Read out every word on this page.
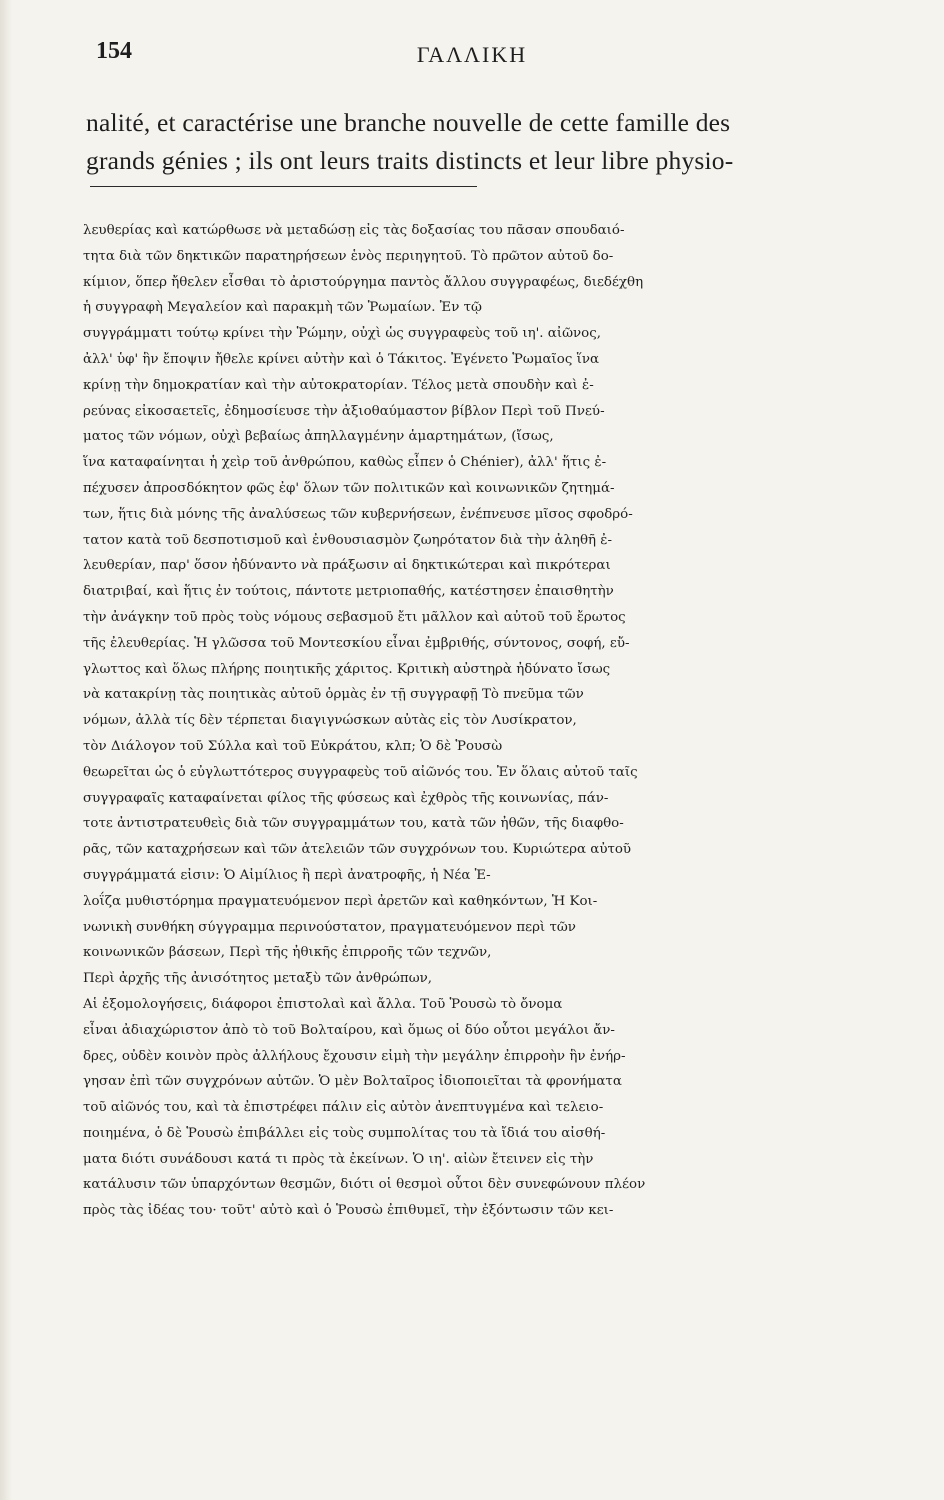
154	ΓΑΛΛΙΚΗ
nalité, et caractérise une branche nouvelle de cette famille des
grands génies ; ils ont leurs traits distincts et leur libre physio-
λευθερίας καὶ κατώρθωσε νὰ μεταδώσῃ εἰς τὰς δοξασίας του πᾶσαν σπουδαιό-
τητα διὰ τῶν δηκτικῶν παρατηρήσεων ἑνὸς περιηγητοῦ. Τὸ πρῶτον αὐτοῦ δο-
κίμιον, ὅπερ ἤθελεν εἶσθαι τὸ ἀριστούργημα παντὸς ἄλλου συγγραφέως, διεδέχθη
ἡ συγγραφὴ Μεγαλείον καὶ παρακμὴ τῶν Ῥωμαίων. Ἐν τῷ
συγγράμματι τούτῳ κρίνει τὴν Ῥώμην, οὐχὶ ὡς συγγραφεὺς τοῦ ιη'. αἰῶνος,
ἀλλ' ὑφ' ἣν ἔποψιν ἤθελε κρίνει αὐτὴν καὶ ὁ Τάκιτος. Ἐγένετο Ῥωμαῖος ἵνα
κρίνῃ τὴν δημοκρατίαν καὶ τὴν αὐτοκρατορίαν. Τέλος μετὰ σπουδὴν καὶ ἐ-
ρεύνας εἰκοσαετεῖς, ἐδημοσίευσε τὴν ἀξιοθαύμαστον βίβλον Περὶ τοῦ Πνεύ-
ματος τῶν νόμων, οὐχὶ βεβαίως ἀπηλλαγμένην ἁμαρτημάτων, (ἴσως,
ἵνα καταφαίνηται ἡ χεὶρ τοῦ ἀνθρώπου, καθὼς εἶπεν ὁ Chénier), ἀλλ' ἥτις ἐ-
πέχυσεν ἀπροσδόκητον φῶς ἐφ' ὅλων τῶν πολιτικῶν καὶ κοινωνικῶν ζητημά-
των, ἥτις διὰ μόνης τῆς ἀναλύσεως τῶν κυβερνήσεων, ἐνέπνευσε μῖσος σφοδρό-
τατον κατὰ τοῦ δεσποτισμοῦ καὶ ἐνθουσιασμὸν ζωηρότατον διὰ τὴν ἀληθῆ ἐ-
λευθερίαν, παρ' ὅσον ἠδύναντο νὰ πράξωσιν αἱ δηκτικώτεραι καὶ πικρότεραι
διατριβαί, καὶ ἥτις ἐν τούτοις, πάντοτε μετριοπαθής, κατέστησεν ἐπαισθητὴν
τὴν ἀνάγκην τοῦ πρὸς τοὺς νόμους σεβασμοῦ ἔτι μᾶλλον καὶ αὐτοῦ τοῦ ἔρωτος
τῆς ἐλευθερίας. Ἡ γλῶσσα τοῦ Μοντεσκίου εἶναι ἐμβριθής, σύντονος, σοφή, εὔ-
γλωττος καὶ ὅλως πλήρης ποιητικῆς χάριτος. Κριτικὴ αὐστηρὰ ἠδύνατο ἴσως
νὰ κατακρίνῃ τὰς ποιητικὰς αὐτοῦ ὁρμὰς ἐν τῇ συγγραφῇ Τὸ πνεῦμα τῶν
νόμων, ἀλλὰ τίς δὲν τέρπεται διαγιγνώσκων αὐτὰς εἰς τὸν Λυσίκρατον,
τὸν Διάλογον τοῦ Σύλλα καὶ τοῦ Εὐκράτου, κλπ; Ὁ δὲ Ῥουσὼ
θεωρεῖται ὡς ὁ εὐγλωττότερος συγγραφεὺς τοῦ αἰῶνός του. Ἐν ὅλαις αὐτοῦ ταῖς
συγγραφαῖς καταφαίνεται φίλος τῆς φύσεως καὶ ἐχθρὸς τῆς κοινωνίας, πάν-
τοτε ἀντιστρατευθεὶς διὰ τῶν συγγραμμάτων του, κατὰ τῶν ἠθῶν, τῆς διαφθο-
ρᾶς, τῶν καταχρήσεων καὶ τῶν ἀτελειῶν τῶν συγχρόνων του. Κυριώτερα αὐτοῦ
συγγράμματά εἰσιν: Ὁ Αἰμίλιος ἢ περὶ ἀνατροφῆς, ἡ Νέα Ἐ-
λοΐζα μυθιστόρημα πραγματευόμενον περὶ ἀρετῶν καὶ καθηκόντων, Ἡ Κοι-
νωνικὴ συνθήκη σύγγραμμα περινούστατον, πραγματευόμενον περὶ τῶν
κοινωνικῶν βάσεων, Περὶ τῆς ἠθικῆς ἐπιρροῆς τῶν τεχνῶν,
Περὶ ἀρχῆς τῆς ἀνισότητος μεταξὺ τῶν ἀνθρώπων,
Αἱ ἐξομολογήσεις, διάφοροι ἐπιστολαὶ καὶ ἄλλα. Τοῦ Ῥουσὼ τὸ ὄνομα
εἶναι ἀδιαχώριστον ἀπὸ τὸ τοῦ Βολταίρου, καὶ ὅμως οἱ δύο οὗτοι μεγάλοι ἄν-
δρες, οὐδὲν κοινὸν πρὸς ἀλλήλους ἔχουσιν εἰμὴ τὴν μεγάλην ἐπιρροὴν ἣν ἐνήρ-
γησαν ἐπὶ τῶν συγχρόνων αὐτῶν. Ὁ μὲν Βολταῖρος ἰδιοποιεῖται τὰ φρονήματα
τοῦ αἰῶνός του, καὶ τὰ ἐπιστρέφει πάλιν εἰς αὐτὸν ἀνεπτυγμένα καὶ τελειο-
ποιημένα, ὁ δὲ Ῥουσὼ ἐπιβάλλει εἰς τοὺς συμπολίτας του τὰ ἴδιά του αἰσθή-
ματα διότι συνάδουσι κατά τι πρὸς τὰ ἐκείνων. Ὁ ιη'. αἰὼν ἔτεινεν εἰς τὴν
κατάλυσιν τῶν ὑπαρχόντων θεσμῶν, διότι οἱ θεσμοὶ οὗτοι δὲν συνεφώνουν πλέον
πρὸς τὰς ἰδέας του· τοῦτ' αὐτὸ καὶ ὁ Ῥουσὼ ἐπιθυμεῖ, τὴν ἐξόντωσιν τῶν κει-
